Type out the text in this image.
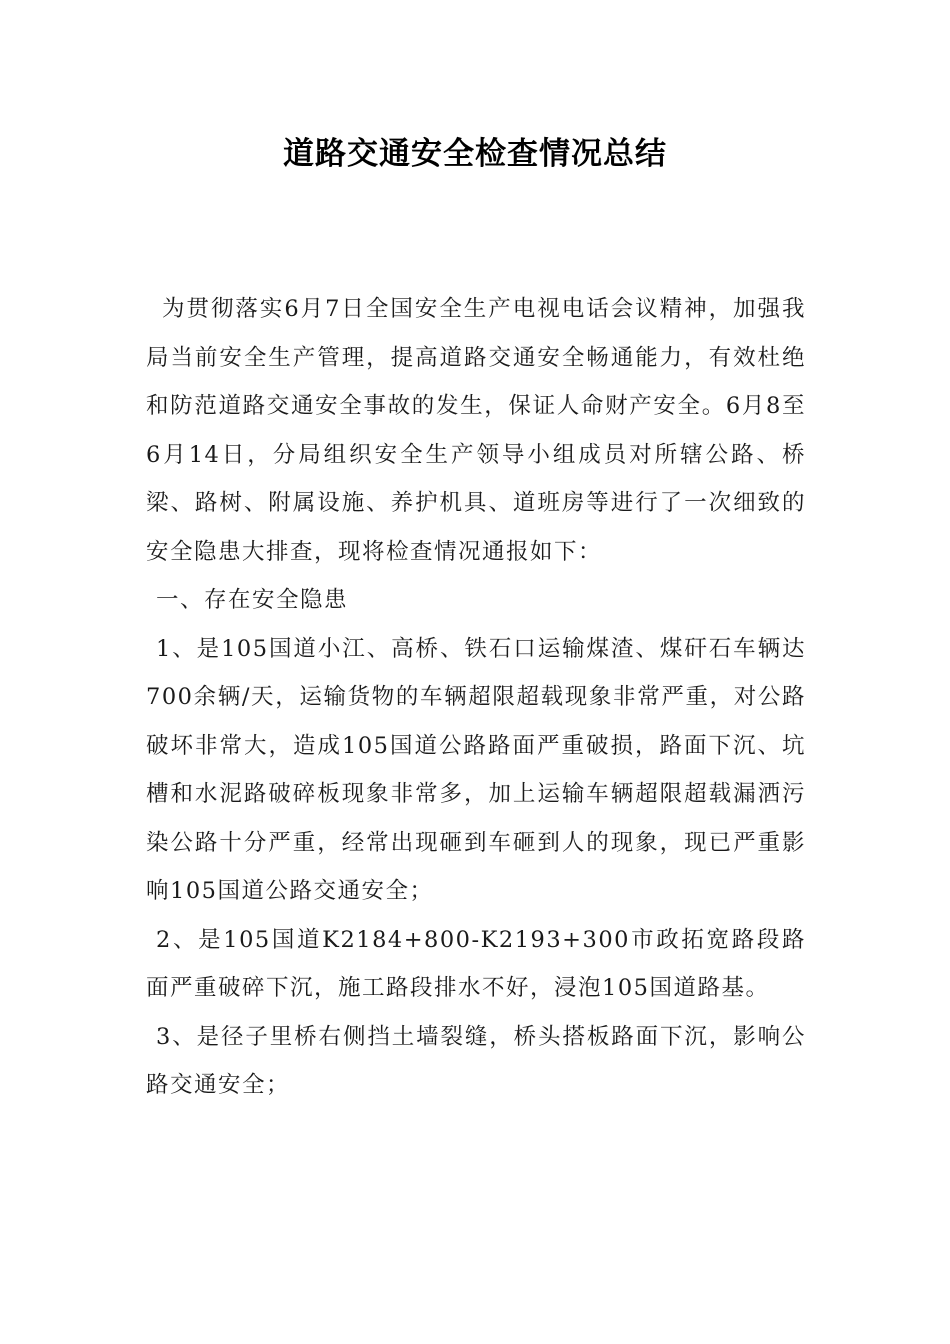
道路交通安全检查情况总结

为贯彻落实6月7日全国安全生产电视电话会议精神，加强我局当前安全生产管理，提高道路交通安全畅通能力，有效杜绝和防范道路交通安全事故的发生，保证人命财产安全。6月8至6月14日，分局组织安全生产领导小组成员对所辖公路、桥梁、路树、附属设施、养护机具、道班房等进行了一次细致的安全隐患大排查，现将检查情况通报如下：

一、存在安全隐患

1、是105国道小江、高桥、铁石口运输煤渣、煤矸石车辆达700余辆/天，运输货物的车辆超限超载现象非常严重，对公路破坏非常大，造成105国道公路路面严重破损，路面下沉、坑槽和水泥路破碎板现象非常多，加上运输车辆超限超载漏洒污染公路十分严重，经常出现砸到车砸到人的现象，现已严重影响105国道公路交通安全；

2、是105国道K2184+800-K2193+300市政拓宽路段路面严重破碎下沉，施工路段排水不好，浸泡105国道路基。

3、是径子里桥右侧挡土墙裂缝，桥头搭板路面下沉，影响公路交通安全；
